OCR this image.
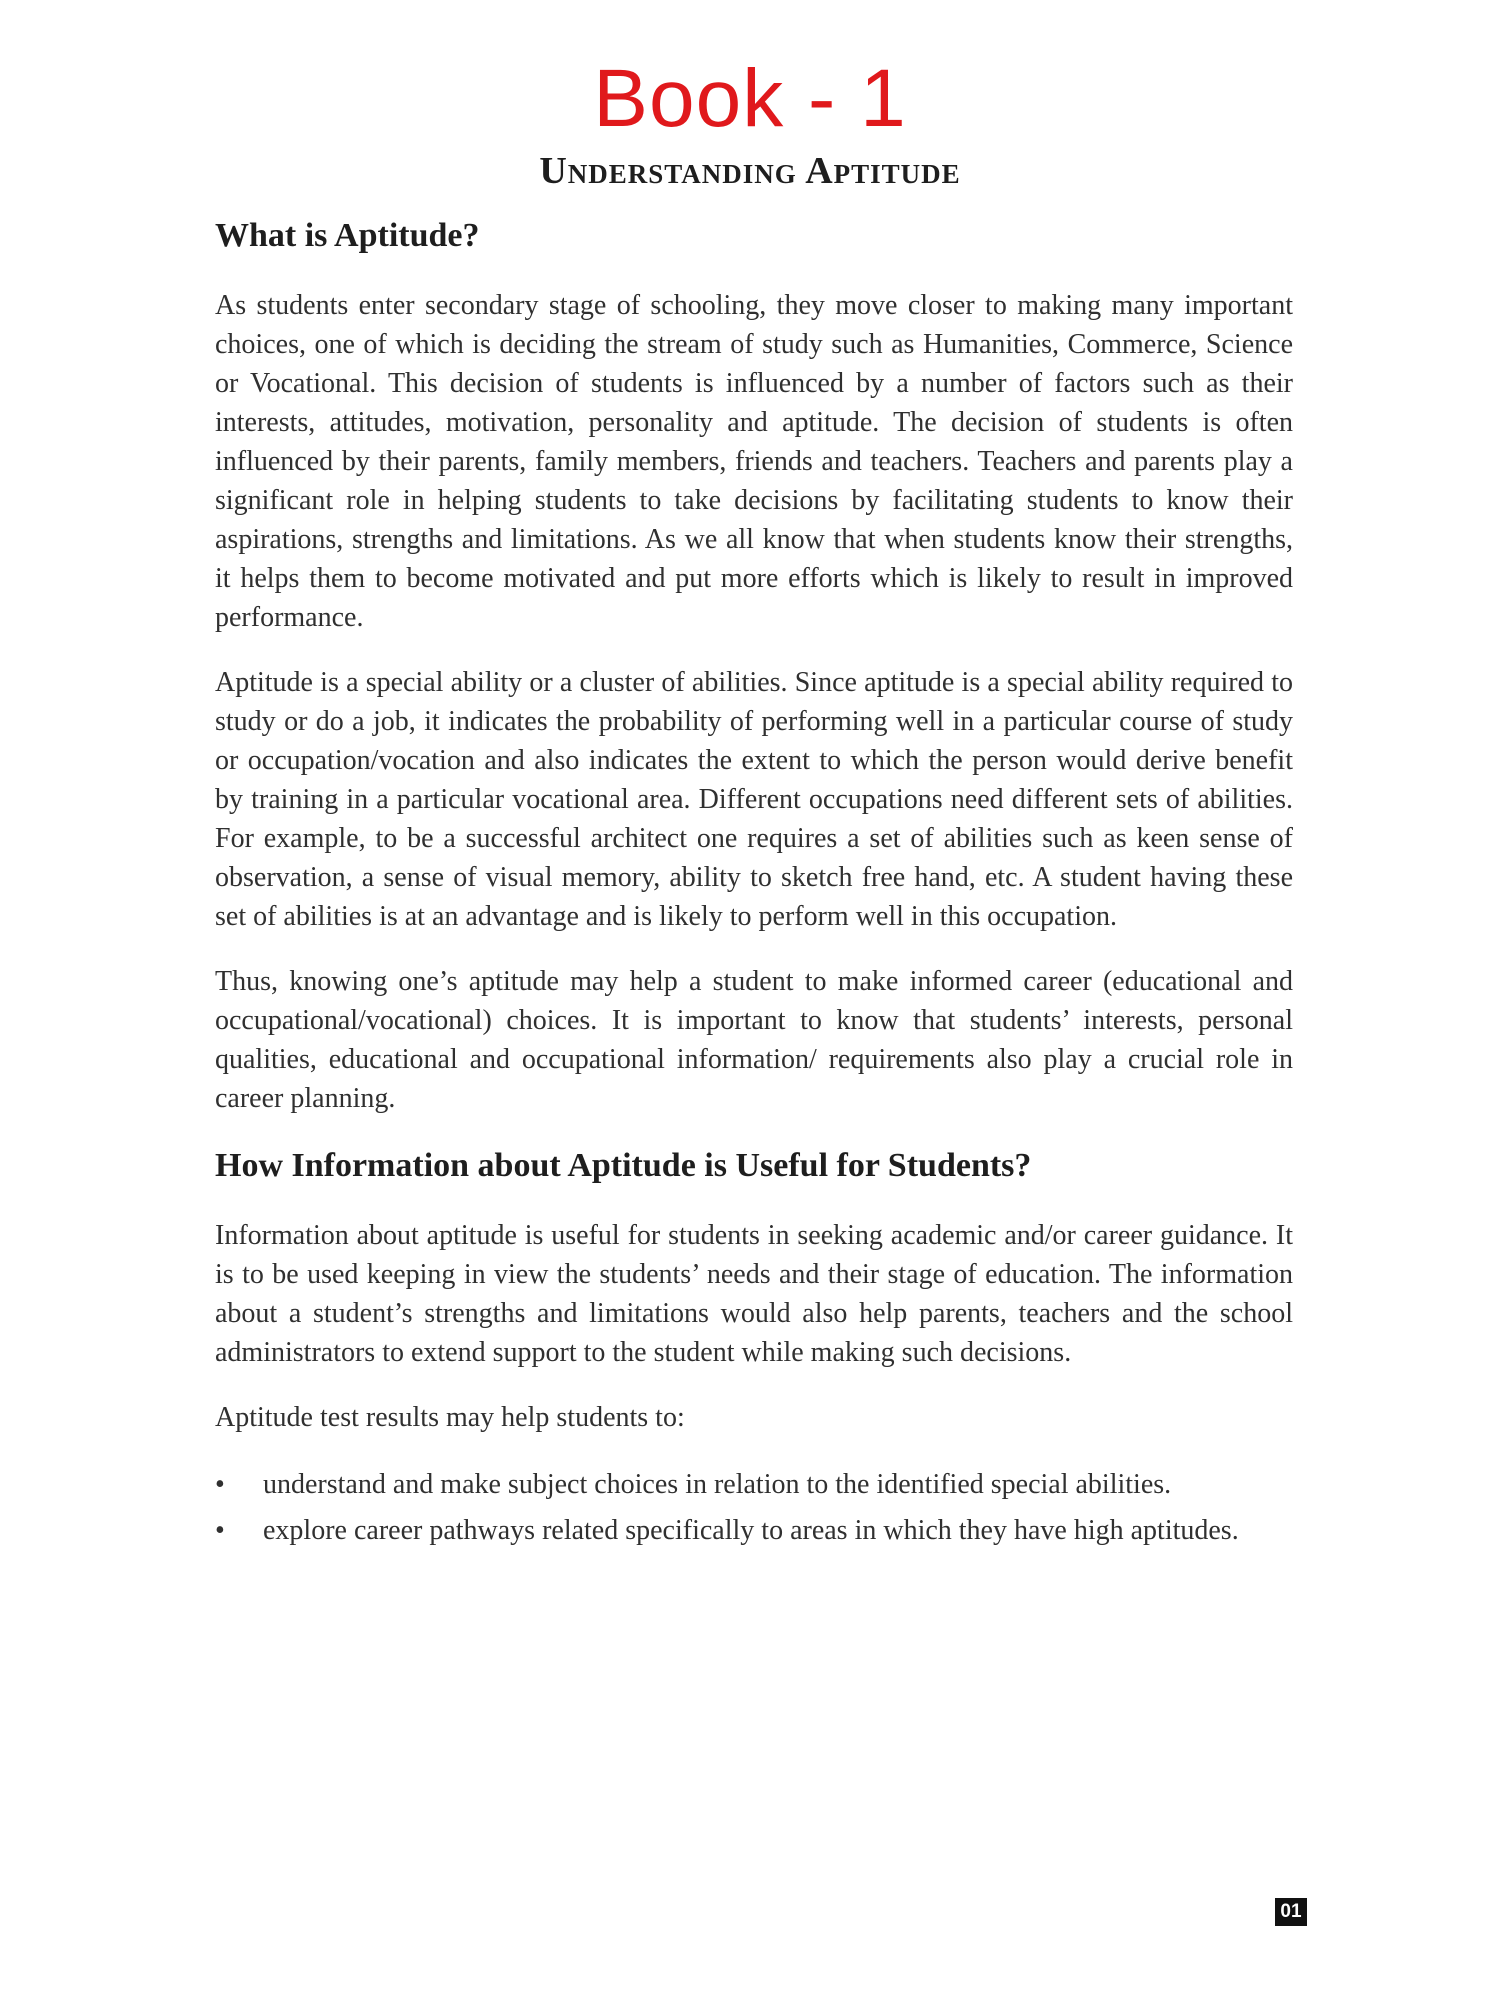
Book - 1
Understanding Aptitude
What is Aptitude?

As students enter secondary stage of schooling, they move closer to making many important choices, one of which is deciding the stream of study such as Humanities, Commerce, Science or Vocational. This decision of students is influenced by a number of factors such as their interests, attitudes, motivation, personality and aptitude. The decision of students is often influenced by their parents, family members, friends and teachers. Teachers and parents play a significant role in helping students to take decisions by facilitating students to know their aspirations, strengths and limitations. As we all know that when students know their strengths, it helps them to become motivated and put more efforts which is likely to result in improved performance.

Aptitude is a special ability or a cluster of abilities. Since aptitude is a special ability required to study or do a job, it indicates the probability of performing well in a particular course of study or occupation/vocation and also indicates the extent to which the person would derive benefit by training in a particular vocational area. Different occupations need different sets of abilities. For example, to be a successful architect one requires a set of abilities such as keen sense of observation, a sense of visual memory, ability to sketch free hand, etc. A student having these set of abilities is at an advantage and is likely to perform well in this occupation.

Thus, knowing one’s aptitude may help a student to make informed career (educational and occupational/vocational) choices. It is important to know that students’ interests, personal qualities, educational and occupational information/ requirements also play a crucial role in career planning.

How Information about Aptitude is Useful for Students?

Information about aptitude is useful for students in seeking academic and/or career guidance. It is to be used keeping in view the students’ needs and their stage of education. The information about a student’s strengths and limitations would also help parents, teachers and the school administrators to extend support to the student while making such decisions.

Aptitude test results may help students to:

•	understand and make subject choices in relation to the identified special abilities.
•	explore career pathways related specifically to areas in which they have high aptitudes.
01
